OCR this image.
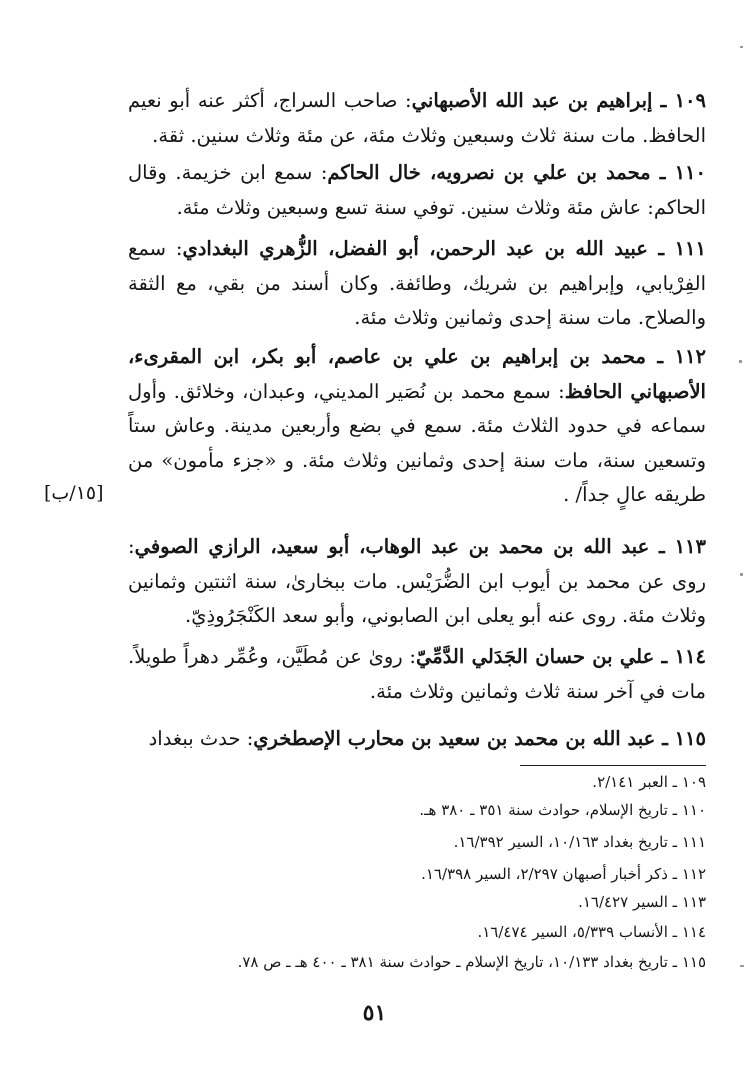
١٠٩ ـ إبراهيم بن عبد الله الأصبهاني: صاحب السراج، أكثر عنه أبو نعيم الحافظ. مات سنة ثلاث وسبعين وثلاث مئة، عن مئة وثلاث سنين. ثقة.
١١٠ ـ محمد بن علي بن نصرويه، خال الحاكم: سمع ابن خزيمة. وقال الحاكم: عاش مئة وثلاث سنين. توفي سنة تسع وسبعين وثلاث مئة.
١١١ ـ عبيد الله بن عبد الرحمن، أبو الفضل، الزُّهري البغدادي: سمع الفِرْيابي، وإبراهيم بن شريك، وطائفة. وكان أسند من بقي، مع الثقة والصلاح. مات سنة إحدى وثمانين وثلاث مئة.
١١٢ ـ محمد بن إبراهيم بن علي بن عاصم، أبو بكر، ابن المقرىء، الأصبهاني الحافظ: سمع محمد بن نُصَير المديني، وعبدان، وخلائق. وأول سماعه في حدود الثلاث مئة. سمع في بضع وأربعين مدينة. وعاش ستاً وتسعين سنة، مات سنة إحدى وثمانين وثلاث مئة. و «جزء مأمون» من طريقه عالٍ جداً/ .
[١٥/ب]
١١٣ ـ عبد الله بن محمد بن عبد الوهاب، أبو سعيد، الرازي الصوفي: روى عن محمد بن أيوب ابن الضُّرَيْس. مات ببخارىٰ، سنة اثنتين وثمانين وثلاث مئة. روى عنه أبو يعلى ابن الصابوني، وأبو سعد الكَنْجَرُوذِيّ.
١١٤ ـ علي بن حسان الجَدَلي الدَّمِّيّ: روىٰ عن مُطَيَّن، وعُمِّر دهراً طويلاً. مات في آخر سنة ثلاث وثمانين وثلاث مئة.
١١٥ ـ عبد الله بن محمد بن سعيد بن محارب الإصطخري: حدث ببغداد
١٠٩ ـ العبر ٢/١٤١.
١١٠ ـ تاريخ الإسلام، حوادث سنة ٣٥١ ـ ٣٨٠ هـ.
١١١ ـ تاريخ بغداد ١٠/١٦٣، السير ١٦/٣٩٢.
١١٢ ـ ذكر أخبار أصبهان ٢/٢٩٧، السير ١٦/٣٩٨.
١١٣ ـ السير ١٦/٤٢٧.
١١٤ ـ الأنساب ٥/٣٣٩، السير ١٦/٤٧٤.
١١٥ ـ تاريخ بغداد ١٠/١٣٣، تاريخ الإسلام ـ حوادث سنة ٣٨١ ـ ٤٠٠ هـ ـ ص ٧٨.
٥١
